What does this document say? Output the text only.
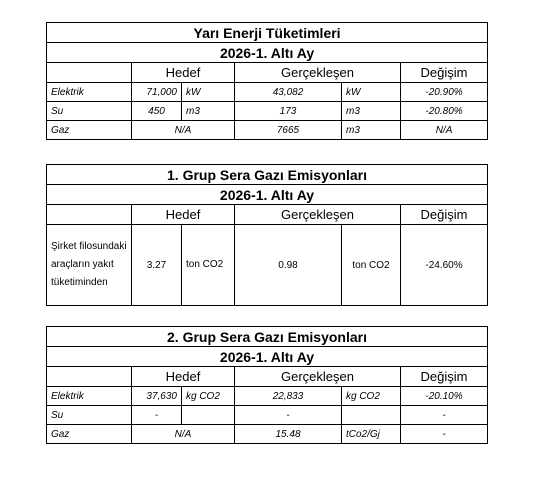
Yarı Enerji Tüketimleri					
2026-1. Altı Ay					
	Hedef		Gerçekleşen		Değişim
Elektrik	71,000	kW	43,082	kW	-20.90%
Su	450	m3	173	m3	-20.80%
Gaz	N/A		7665	m3	N/A
1. Grup Sera Gazı Emisyonları					
2026-1. Altı Ay					
	Hedef		Gerçekleşen		Değişim
Şirket filosundaki araçların yakıt tüketiminden	3.27	ton CO2	0.98	ton CO2	-24.60%
2. Grup Sera Gazı Emisyonları					
2026-1. Altı Ay					
	Hedef		Gerçekleşen		Değişim
Elektrik	37,630	kg CO2	22,833	kg CO2	-20.10%
Su	-		-		-
Gaz	N/A		15.48	tCo2/Gj	-
